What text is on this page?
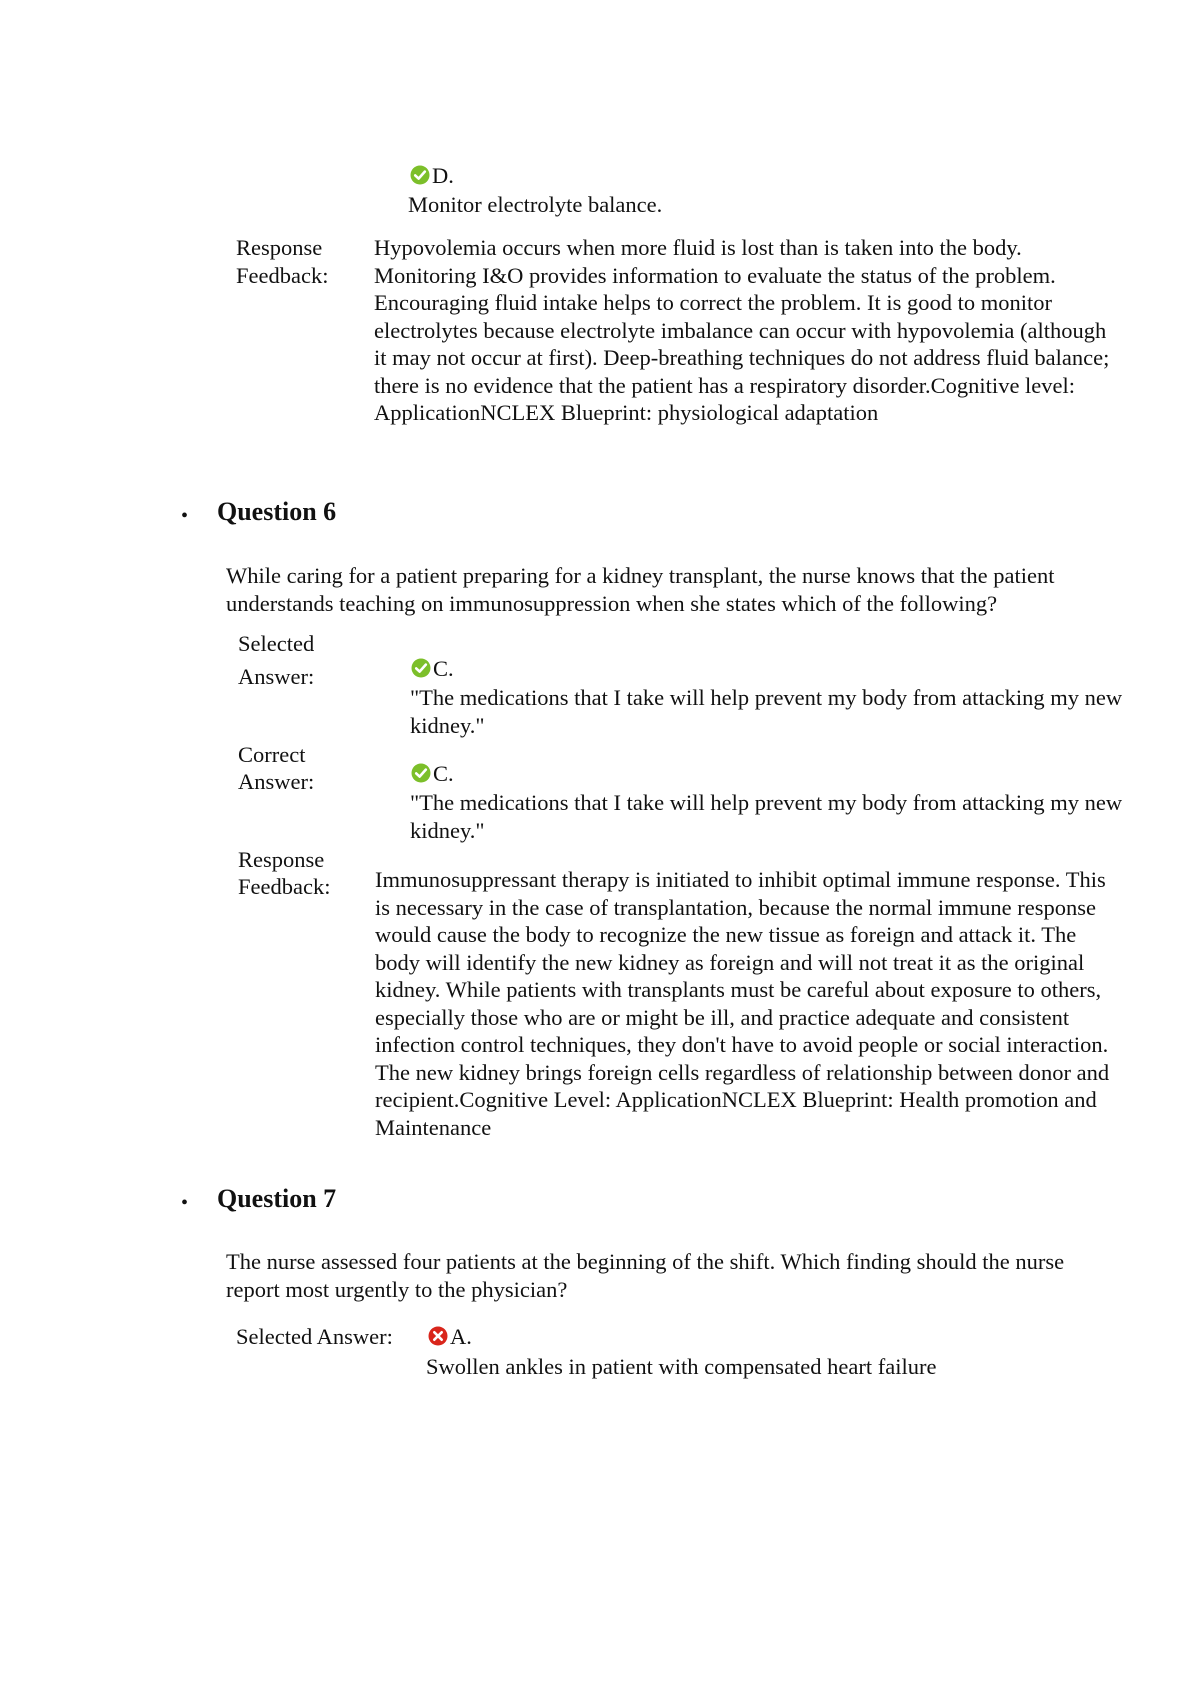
D.
Monitor electrolyte balance.
Response
Feedback:
Hypovolemia occurs when more fluid is lost than is taken into the body. Monitoring I&O provides information to evaluate the status of the problem. Encouraging fluid intake helps to correct the problem. It is good to monitor electrolytes because electrolyte imbalance can occur with hypovolemia (although it may not occur at first). Deep-breathing techniques do not address fluid balance; there is no evidence that the patient has a respiratory disorder.Cognitive level: ApplicationNCLEX Blueprint: physiological adaptation
• Question 6
While caring for a patient preparing for a kidney transplant, the nurse knows that the patient understands teaching on immunosuppression when she states which of the following?
Selected
Answer:	C.
"The medications that I take will help prevent my body from attacking my new kidney."
Correct
Answer:	C.
"The medications that I take will help prevent my body from attacking my new kidney."
Response
Feedback: Immunosuppressant therapy is initiated to inhibit optimal immune response. This is necessary in the case of transplantation, because the normal immune response would cause the body to recognize the new tissue as foreign and attack it. The body will identify the new kidney as foreign and will not treat it as the original kidney. While patients with transplants must be careful about exposure to others, especially those who are or might be ill, and practice adequate and consistent infection control techniques, they don't have to avoid people or social interaction. The new kidney brings foreign cells regardless of relationship between donor and recipient.Cognitive Level: ApplicationNCLEX Blueprint: Health promotion and Maintenance
• Question 7
The nurse assessed four patients at the beginning of the shift. Which finding should the nurse report most urgently to the physician?
Selected Answer:	A.
Swollen ankles in patient with compensated heart failure
